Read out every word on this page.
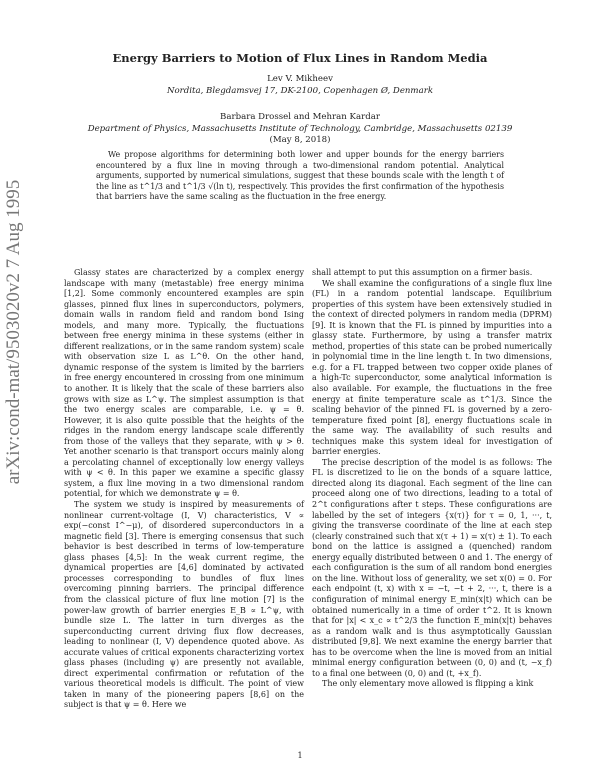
Energy Barriers to Motion of Flux Lines in Random Media
Lev V. Mikheev
Nordita, Blegdamsvej 17, DK-2100, Copenhagen Ø, Denmark
Barbara Drossel and Mehran Kardar
Department of Physics, Massachusetts Institute of Technology, Cambridge, Massachusetts 02139
(May 8, 2018)

We propose algorithms for determining both lower and upper bounds for the energy barriers encountered by a flux line in moving through a two-dimensional random potential. Analytical arguments, supported by numerical simulations, suggest that these bounds scale with the length t of the line as t^1/3 and t^1/3 √(ln t), respectively. This provides the first confirmation of the hypothesis that barriers have the same scaling as the fluctuation in the free energy.

arXiv:cond-mat/9503020v2 7 Aug 1995	Glassy states are characterized by a complex energy landscape with many (metastable) free energy minima [1,2]. Some commonly encountered examples are spin glasses, pinned flux lines in superconductors, polymers, domain walls in random field and random bond Ising models, and many more. Typically, the fluctuations between free energy minima in these systems (either in different realizations, or in the same random system) scale with observation size L as L^θ. On the other hand, dynamic response of the system is limited by the barriers in free energy encountered in crossing from one minimum to another. It is likely that the scale of these barriers also grows with size as L^ψ. The simplest assumption is that the two energy scales are comparable, i.e. ψ = θ. However, it is also quite possible that the heights of the ridges in the random energy landscape scale differently from those of the valleys that they separate, with ψ > θ. Yet another scenario is that transport occurs mainly along a percolating channel of exceptionally low energy valleys with ψ < θ. In this paper we examine a specific glassy system, a flux line moving in a two dimensional random potential, for which we demonstrate ψ = θ.

The system we study is inspired by measurements of nonlinear current-voltage (I, V) characteristics, V ∝ exp(−const I^−μ), of disordered superconductors in a magnetic field [3]. There is emerging consensus that such behavior is best described in terms of low-temperature glass phases [4,5]: In the weak current regime, the dynamical properties are [4,6] dominated by activated processes corresponding to bundles of flux lines overcoming pinning barriers. The principal difference from the classical picture of flux line motion [7] is the power-law growth of barrier energies E_B ∝ L^ψ, with bundle size L. The latter in turn diverges as the superconducting current driving flux flow decreases, leading to nonlinear (I, V) dependence quoted above. As accurate values of critical exponents characterizing vortex glass phases (including ψ) are presently not available, direct experimental confirmation or refutation of the various theoretical models is difficult. The point of view taken in many of the pioneering papers [8,6] on the subject is that ψ = θ. Here we

shall attempt to put this assumption on a firmer basis.

We shall examine the configurations of a single flux line (FL) in a random potential landscape. Equilibrium properties of this system have been extensively studied in the context of directed polymers in random media (DPRM) [9]. It is known that the FL is pinned by impurities into a glassy state. Furthermore, by using a transfer matrix method, properties of this state can be probed numerically in polynomial time in the line length t. In two dimensions, e.g. for a FL trapped between two copper oxide planes of a high-Tc superconductor, some analytical information is also available. For example, the fluctuations in the free energy at finite temperature scale as t^1/3. Since the scaling behavior of the pinned FL is governed by a zero-temperature fixed point [8], energy fluctuations scale in the same way. The availability of such results and techniques make this system ideal for investigation of barrier energies.

The precise description of the model is as follows: The FL is discretized to lie on the bonds of a square lattice, directed along its diagonal. Each segment of the line can proceed along one of two directions, leading to a total of 2^t configurations after t steps. These configurations are labelled by the set of integers {x(τ)} for τ = 0, 1, ···, t, giving the transverse coordinate of the line at each step (clearly constrained such that x(τ + 1) = x(τ) ± 1). To each bond on the lattice is assigned a (quenched) random energy equally distributed between 0 and 1. The energy of each configuration is the sum of all random bond energies on the line. Without loss of generality, we set x(0) = 0. For each endpoint (t, x) with x = −t, −t + 2, ···, t, there is a configuration of minimal energy E_min(x|t) which can be obtained numerically in a time of order t^2. It is known that for |x| < x_c ∝ t^2/3 the function E_min(x|t) behaves as a random walk and is thus asymptotically Gaussian distributed [9,8]. We next examine the energy barrier that has to be overcome when the line is moved from an initial minimal energy configuration between (0, 0) and (t, −x_f) to a final one between (0, 0) and (t, +x_f).

The only elementary move allowed is flipping a kink

1
